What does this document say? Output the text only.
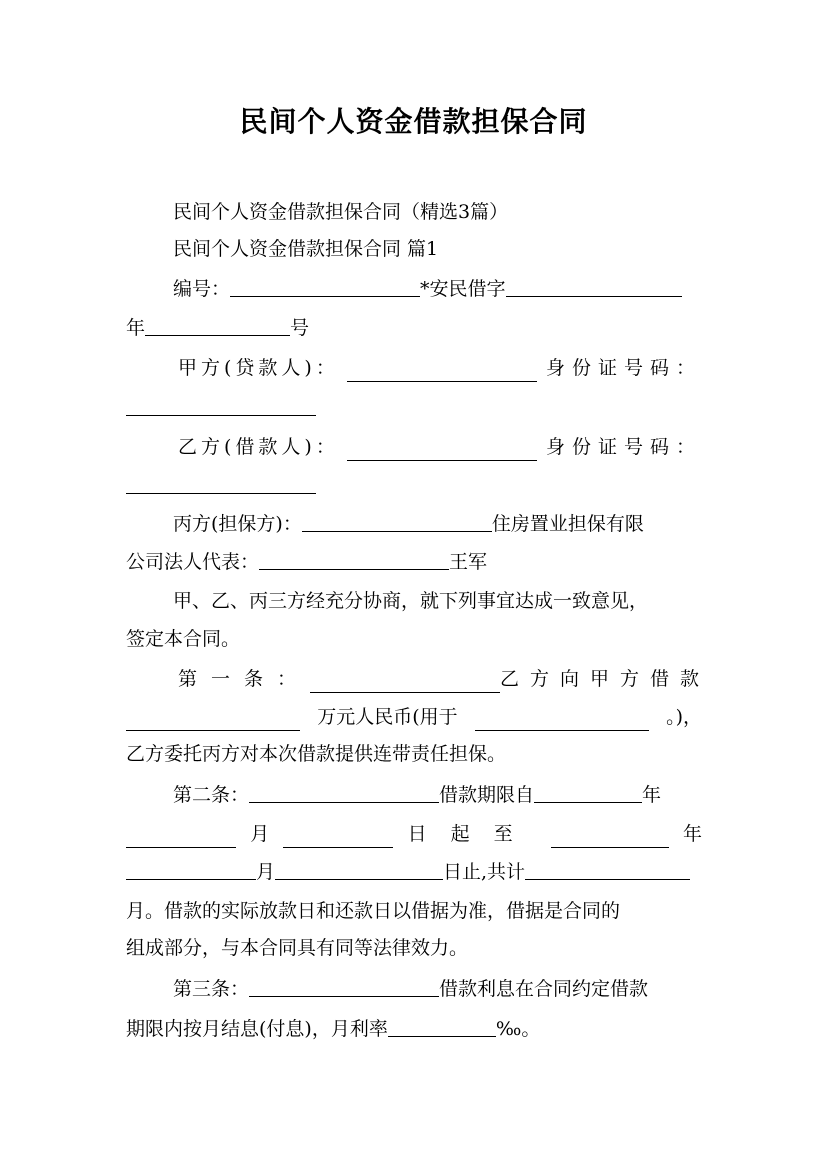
民间个人资金借款担保合同
民间个人资金借款担保合同（精选3篇）
民间个人资金借款担保合同 篇1
编号：	*安民借字
年	号
甲方(贷款人)：	身份证号码：
乙方(借款人)：	身份证号码：
丙方(担保方)：	住房置业担保有限
公司法人代表：	王军
甲、乙、丙三方经充分协商，就下列事宜达成一致意见，
签定本合同。
第一条：	乙方向甲方借款
万元人民币(用于	。)，
乙方委托丙方对本次借款提供连带责任担保。
第二条：	借款期限自	年
月	日起至	年
月	日止,共计
月。借款的实际放款日和还款日以借据为准，借据是合同的
组成部分，与本合同具有同等法律效力。
第三条：	借款利息在合同约定借款
期限内按月结息(付息)，月利率	‰。
